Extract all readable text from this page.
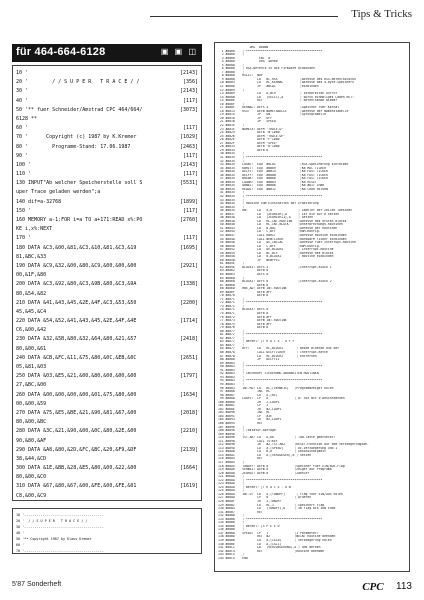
Tips & Tricks
für 464-664-6128	▣ ▣ ◫
10 '	[2143]
20 '        / / S U P E R   T R A C E / /	[356]
30 '	[2143]
40 '	[117]
50 '** fuer Schneider/Amstrad CPC 464/664/	[3073]
6128 **
60 '	[117]
70 '      Copyright (c) 1987 by K.Kremer	[1029]
80 '        Programm-Stand: 17.06.1987	[2463]
90 '	[117]
100 '	[2143]
110 '	[117]
130 INPUT"Ab welcher Speicherstelle soll S	[5531]
uper Trace geladen werden";a
140 dif=a-32768	[1899]
150 '	[117]
160 MEMORY a-1:FOR i=a TO a+171:READ x%:PO	[2760]
KE i,x%:NEXT
170 '	[117]
180 DATA &C3,&00,&81,&C3,&10,&81,&C3,&19	[1695]
81,&BC,&33
190 DATA &C9,&32,&00,&80,&C9,&00,&00,&00	[2921]
00,&1F,&80
200 DATA &C3,&92,&80,&C3,&9B,&80,&C3,&9A	[1338]
80,&54,&82
210 DATA &41,&43,&45,&2E,&4F,&C3,&53,&50	[2200]
45,&45,&C4
220 DATA &54,&52,&41,&43,&45,&2E,&4F,&4E	[1714]
C6,&00,&42
230 DATA &32,&5B,&80,&32,&64,&80,&21,&57	[2418]
80,&00,&61
240 DATA &CB,&FC,&11,&75,&80,&0C,&EB,&0C	[2651]
05,&81,&03
250 DATA &03,&E5,&21,&00,&80,&00,&00,&00	[1797]
27,&BC,&00
260 DATA &00,&00,&00,&00,&01,&75,&80,&00	[1634]
00,&00,&59
270 DATA &75,&E5,&BE,&21,&90,&81,&67,&00	[2018]
80,&00,&BC
280 DATA &3C,&21,&90,&00,&0C,&80,&2E,&00	[2210]
90,&80,&AF
290 DATA &A8,&80,&2D,&FC,&BC,&20,&F9,&DF	[2139]
38,&44,&CD
300 DATA &1E,&BB,&28,&E5,&80,&00,&22,&00	[1664]
80,&00,&C0
310 DATA &67,&80,&67,&00,&FE,&00,&FE,&01	[1619]
C8,&00,&C9
10 '---------------------------------------
20 '  / / S U P E R   T R A C E / /
30 '---------------------------------------
40 '
50 '** Copyright 1987 by Klaus Kremer
60 '
70 '---------------------------------------
ORG  #8000
1 #8000    ; *****************************************
2 #8000    ;
3 #8000             ENT  #
4 #8000             ORG  40960
5 #8000    ;
6 #8000    ; RSX-Befehle in die Firmware einbinden
7 #8000    ;
8 #8000    RSLIC:  NOP
9 #8000            LD   BC,RSX            ;Adresse des RSX-Befehlsblocks
10 #8003            LD   HL,KERNAL         ;Adresse des 4-Byte-Speichers
11 #8006            JP   #BCD1             ;einbinden
12 #8009    ;
13 #8009            LD   A,#C9             ; Vorbereiten Aufruf
14 #800B            LD   (SELIC),A         ; durch einmaliges Laden RET:
15 #800E            RET                    ; Befehlsende wieder
16 #800F    ;
17 #800F    KERNAL: DEFS 4                 ;Speicher fuer Kernal
18 #8013    RSX:    DEFW NAMETABELLE       ;Adresse der Namenstabelle
19 #8015            JP   ON                ;Sprungtabelle
20 #8018            JP   OFF
21 #801B            JP   SPEED
22 #801E    ;
23 #801E    NAMETA: DEFM "TRACE.O"
24 #8025            DEFB "N"+#80
25 #8026            DEFM "TRACE.OF"
26 #802E            DEFB "F"+#80
27 #802F            DEFM "SPEE"
28 #8033            DEFB "D"+#80
29 #8034            DEFB 0
30 #8035    ;
31 #8035    ; *****************************************
32 #8035    ;
33 #8035    LOGNT:  EQU  #BC01             ;RSX-Speicherung schreiben
34 #8035    KBHIT:  EQU  #BB09             ;KB MAC TICKER
35 #8035    DELFL:  EQU  #BB15             ;KB FAST TICKER
36 #8035    DELFF:  EQU  #BB0B             ;KB FAST TICKER
37 #8035    BREAK:  EQU  #BB06             ;KB FAST TICKER
38 #8035    LOADR:  EQU  #BB03             ;KB RESET
39 #8035    ABNEL:  EQU  #BB06             ;KB WAIT CHAR
40 #8035    READL:  EQU  #BB12             ;KB CHAR RETURN
41 #8035    ;
42 #8035    ; *****************************************
43 #8035    ;
44 #8035    ; Routine zum Einschalten der Erweiterung
45 #8035    ;
46 #8035    ON:     LD   A,0              ; Zaehler der Zeilen loeschen
47 #8037            LD   (ZEAHLER),A      ; ist ein auf 0 setzen
48 #803A            LD   (ZEAHLER+1),A    ; setzen
49 #803D            LD   HL,INT.ROUTINE   ;Adresse des ersten Blocks
50 #8040            LD   HL,INT.BLOCK     ;Unterbrechungs-Routinen
51 #8043            LD   B,#81            ;Adresse der Routinen
52 #8045            LD   C,#FF            ;ROM-Konfig.
53 #8047            CALL KBHIT            ;Adresse Routine einbinden
54 #804A            CALL NEWTICKER        ;Hardware Ticker einbinden
55 #804D            LD   DE,INTCAL        ;Adresse fuer Interrupt-Routine
56 #8050            LD   C,#FF            ;ROM-Konfig.
57 #8052            LD   DE,BLOCKS        ; Interrupt-Routine
58 #8055            LD   BC,#1F           ;Adresse des Blocks
59 #8058            LD   B,BLOCK2         ; Routine einbinden
60 #805B            JP   NEWFPLG
61 #805E    ;
62 #805E    BLOCK1: DEFS 4                ;Interrupt-Block 1
63 #8062            DEFB 0
64 #8063            DEFS 8
65 #806B    ;
66 #806B    BLOCK2: DEFS 0                ;Interrupt-Block 2
67 #806B            DEFW 0
68 #806D    HBE_AD: DEFW INT.ROUTINE
69 #806F            DEFB #FF
70 #8070            DEFB 0
71 #8071    ;
72 #8071    ; *****************************************
73 #8071    ;
74 #8071    BLOCK3: DEFS 0
75 #8071            DEFB 0
76 #8072            DEFB #FF
77 #8073            DEFW INT.ROUTINE
78 #8075            DEFB #FF
79 #8076            DEFB 0
80 #8077    ;
81 #8077    ; *****************************************
82 #8077    ;
83 #8077    ; Befehl: |T R A C E . O F F
84 #8077    ;
85 #8077    OFF:    LD   HL,BLOCK2       ; Beide Bloecke aus der
86 #807A            CALL DELFTICKER      ; Interrupt-Kette
87 #807D            LD   HL,BLOCK2       ; entfernen
88 #8080            JP   DELFFL1
89 #8083    ;
90 #8083    ; *****************************************
91 #8083    ;
92 #8083    ; INTERRUPT STEUERUNG ABARBEITEN ROUTINEN
93 #8083    ;
94 #8083    ; *****************************************
95 #8083    ;
96 #8083    INT.RO: LD   HL,(VERWEIS)   ;Programmzeiger holen
97 #8086            INC  HL
98 #8087            LD   A,(HL)
99 #8088    LOOP1:  CP   0              ; 0: nix mit 0 beschraenken
100 #808A            JR   Z,LOOP1
101 #808C            CP   1
102 #808E            JR   NZ,LOOP1
103 #8090            INC  HL
104 #8091            CP   #3E
105 #8093            JR   NZ,LOOP1
106 #8095            RET
107 #8096    ;
108 #8096    ; Tastatur-Abfrage
109 #8096    ;
110 #8096    TST.AB: LD   A,66           ; TAB-Taste gedrueckt?
111 #8098            CALL TSTKEY
112 #809B            JR   NZ,TST.AB2     ;RESET-Funktion auf dem Verzoegerungswe.
113 #809D            LD   A,(SPEED)      ; UE-Verzoegerung und I
114 #80A0            LD   B,A            ; Geschwindigkeit
115 #80A1            LD   A,(VERZOEGER),A ; setzen
116 #80A4            RET
117 #80A5    ;
118 #80A5    TONOFF: DEFB 0              ;Speicher fuer EIN/AUS-Flag
119 #80A6    VERWEI: DEFW 0              ;Zeiger auf Programm
120 #80A8    ZEAHLE: DEFW 0              ;Zaehler
121 #80AA    ;
122 #80AA    ; *****************************************
123 #80AA    ;
124 #80AA    ; Befehl: |T R A C E . O N
125 #80AA    ;
126 #80AA    INT.O:  LD   A,(TONOFF)      ; Flag fuer EIN/AUS holen
127 #80AD            CP   0              ; pruefen
128 #80AF            JR   Z,TONOFF
129 #80B1            LD   HL,1           ; Speichert Flag
130 #80B4            LD   (TONOFF),A     ; im Flag bis zum Ende
131 #80B7            RET
132 #80B8    ;
133 #80B8    ; *****************************************
134 #80B8    ;
135 #80B8    ; Befehl: |S P E E D
136 #80B8    ;
137 #80B8    SPEED:  CP   1              ;1 Parameter?
138 #80BA            RET  NZ             ;NEIN? Routine beenden
139 #80BB            LD   A,(IX+0)       ; Verzoegerung holen
140 #80BE            LD   A,(IX+1)
141 #80C1            LD   (VERZOEGERUNG),A ; und merken
142 #80C4            RET                 ;Routine beenden
143 #80C5    ;
144 #80C5    END
5'87 Sonderheft	CPC 113
